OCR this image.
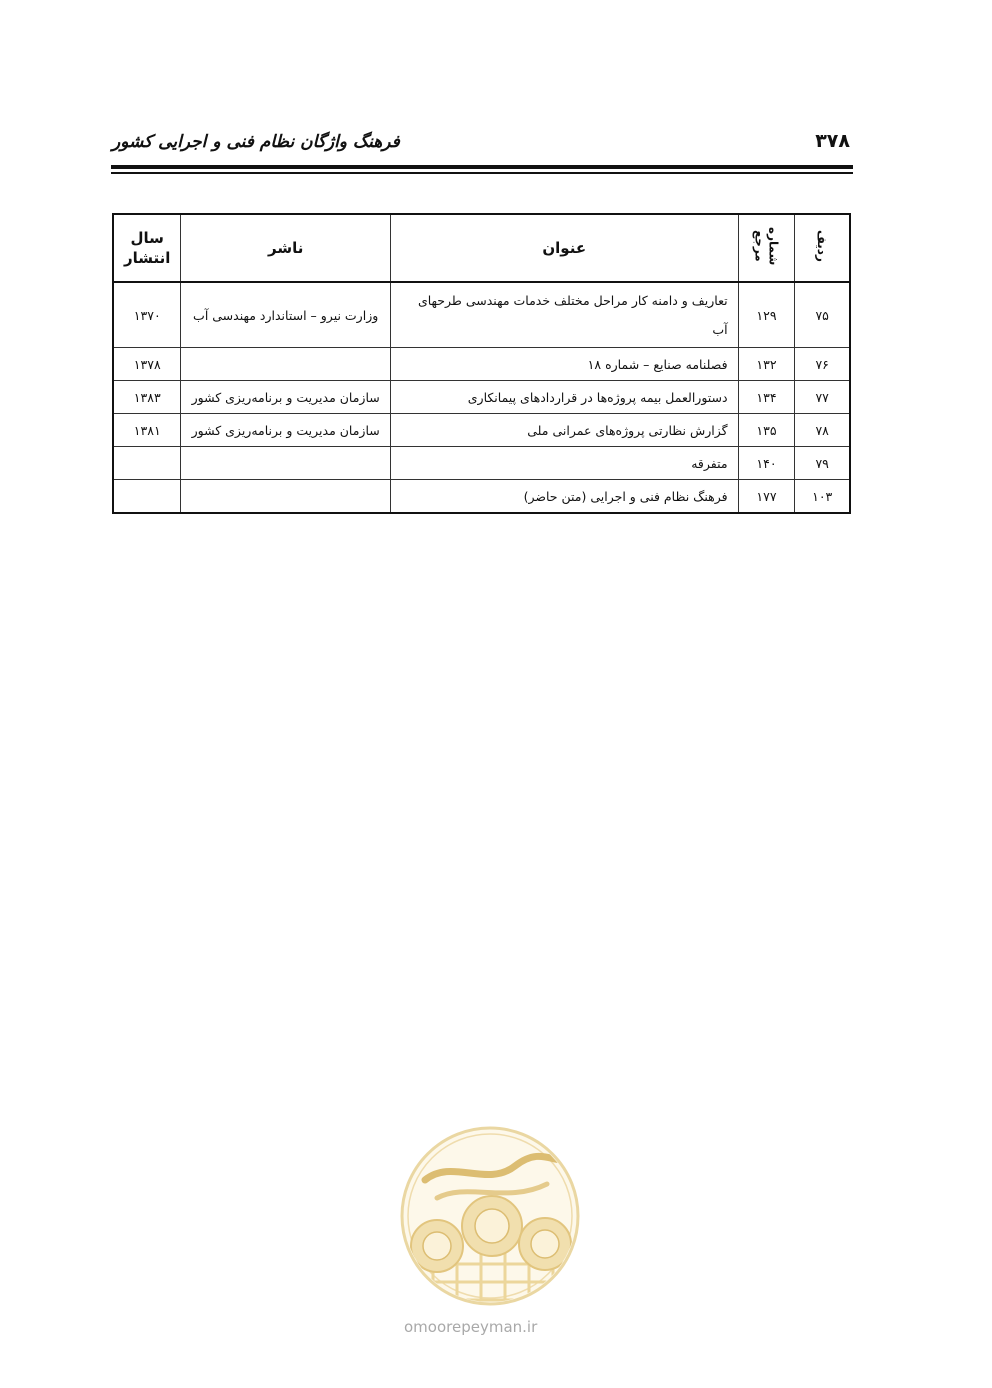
۳۷۸
فرهنگ واژگان نظام فنی و اجرایی کشور
ردیف	شماره مرجع	عنوان	ناشر	سال انتشار
۷۵	۱۲۹	تعاریف و دامنه کار مراحل مختلف خدمات مهندسی طرحهای آب	وزارت نیرو – استاندارد مهندسی آب	۱۳۷۰
۷۶	۱۳۲	فصلنامه صنایع – شماره ۱۸		۱۳۷۸
۷۷	۱۳۴	دستورالعمل بیمه پروژه‌ها در قراردادهای پیمانکاری	سازمان مدیریت و برنامه‌ریزی کشور	۱۳۸۳
۷۸	۱۳۵	گزارش نظارتی پروژه‌های عمرانی ملی	سازمان مدیریت و برنامه‌ریزی کشور	۱۳۸۱
۷۹	۱۴۰	متفرقه		
۱۰۳	۱۷۷	فرهنگ نظام فنی و اجرایی (متن حاضر)		
omoorepeyman.ir
